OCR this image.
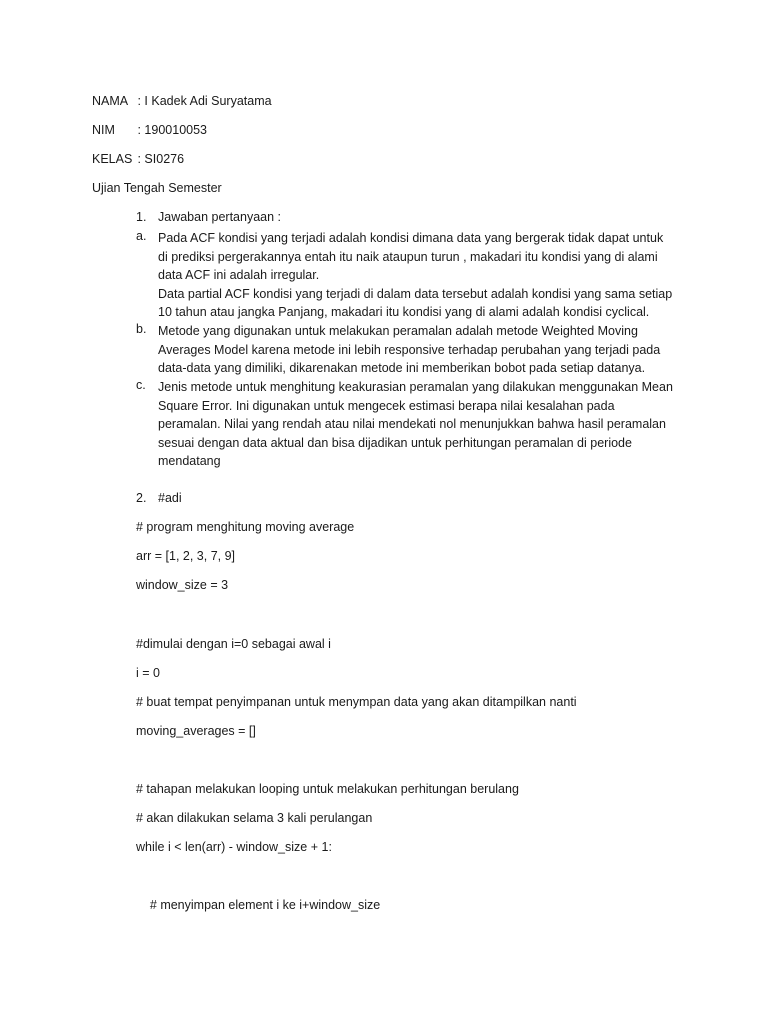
NAMA : I Kadek Adi Suryatama
NIM : 190010053
KELAS : SI0276
Ujian Tengah Semester
1. Jawaban pertanyaan :
a. Pada ACF kondisi yang terjadi adalah kondisi dimana data yang bergerak tidak dapat untuk
di prediksi pergerakannya entah itu naik ataupun turun , makadari itu kondisi yang di alami
data ACF ini adalah irregular.
Data partial ACF kondisi yang terjadi di dalam data tersebut adalah kondisi yang sama setiap
10 tahun atau jangka Panjang, makadari itu kondisi yang di alami adalah kondisi cyclical.
b. Metode yang digunakan untuk melakukan peramalan adalah metode Weighted Moving
Averages Model karena metode ini lebih responsive terhadap perubahan yang terjadi pada
data-data yang dimiliki, dikarenakan metode ini memberikan bobot pada setiap datanya.
c. Jenis metode untuk menghitung keakurasian peramalan yang dilakukan menggunakan Mean
Square Error. Ini digunakan untuk mengecek estimasi berapa nilai kesalahan pada
peramalan. Nilai yang rendah atau nilai mendekati nol menunjukkan bahwa hasil peramalan
sesuai dengan data aktual dan bisa dijadikan untuk perhitungan peramalan di periode
mendatang
2. #adi
# program menghitung moving average
arr = [1, 2, 3, 7, 9]
window_size = 3
#dimulai dengan i=0 sebagai awal i
i = 0
# buat tempat penyimpanan untuk menympan data yang akan ditampilkan nanti
moving_averages = []
# tahapan melakukan looping untuk melakukan perhitungan berulang
# akan dilakukan selama 3 kali perulangan
while i < len(arr) - window_size + 1:
# menyimpan element i ke i+window_size
